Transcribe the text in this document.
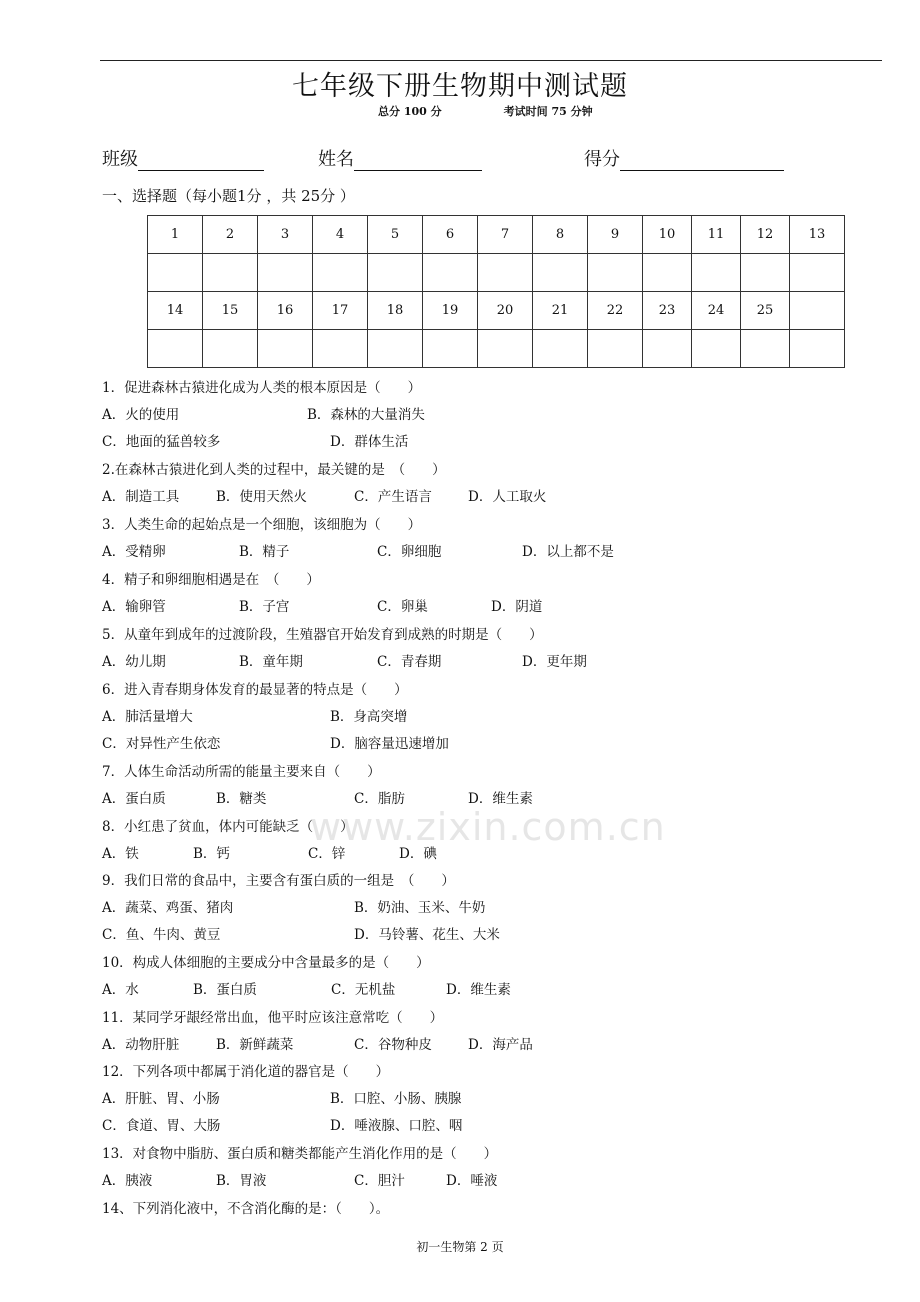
七年级下册生物期中测试题
总分 100 分	考试时间 75 分钟
班级	姓名	得分
一、选择题（每小题1分 ，共 25分 ）
1	2	3	4	5	6	7	8	9	10	11	12	13

14	15	16	17	18	19	20	21	22	23	24	25	

1．促进森林古猿进化成为人类的根本原因是（　　）
A．火的使用	B．森林的大量消失
C．地面的猛兽较多	D．群体生活
2.在森林古猿进化到人类的过程中，最关键的是　（　　）
A．制造工具	B．使用天然火	C．产生语言	D．人工取火
3．人类生命的起始点是一个细胞，该细胞为（　　）
A．受精卵	B．精子	C．卵细胞	D．以上都不是
4．精子和卵细胞相遇是在　（　　）
A．输卵管	B．子宫	C．卵巢	D．阴道
5．从童年到成年的过渡阶段，生殖器官开始发育到成熟的时期是（　　）
A．幼儿期	B．童年期	C．青春期	D．更年期
6．进入青春期身体发育的最显著的特点是（　　）
A．肺活量增大	B．身高突增
C．对异性产生依恋	D．脑容量迅速增加
7．人体生命活动所需的能量主要来自（　　）
A．蛋白质	B．糖类	C．脂肪	D．维生素
8．小红患了贫血，体内可能缺乏（　　）
A．铁	B．钙	C．锌	D．碘
9．我们日常的食品中，主要含有蛋白质的一组是　（　　）
A．蔬菜、鸡蛋、猪肉	B．奶油、玉米、牛奶
C．鱼、牛肉、黄豆	D．马铃薯、花生、大米
10．构成人体细胞的主要成分中含量最多的是（　　）
A．水	B．蛋白质	C．无机盐	D．维生素
11．某同学牙龈经常出血，他平时应该注意常吃（　　）
A．动物肝脏	B．新鲜蔬菜	C．谷物种皮	D．海产品
12．下列各项中都属于消化道的器官是（　　）
A．肝脏、胃、小肠	B．口腔、小肠、胰腺
C．食道、胃、大肠	D．唾液腺、口腔、咽
13．对食物中脂肪、蛋白质和糖类都能产生消化作用的是（　　）
A．胰液	B．胃液	C．胆汁	D．唾液
14、下列消化液中，不含消化酶的是：（　　）。
www.zixin.com.cn
初一生物第 2 页
